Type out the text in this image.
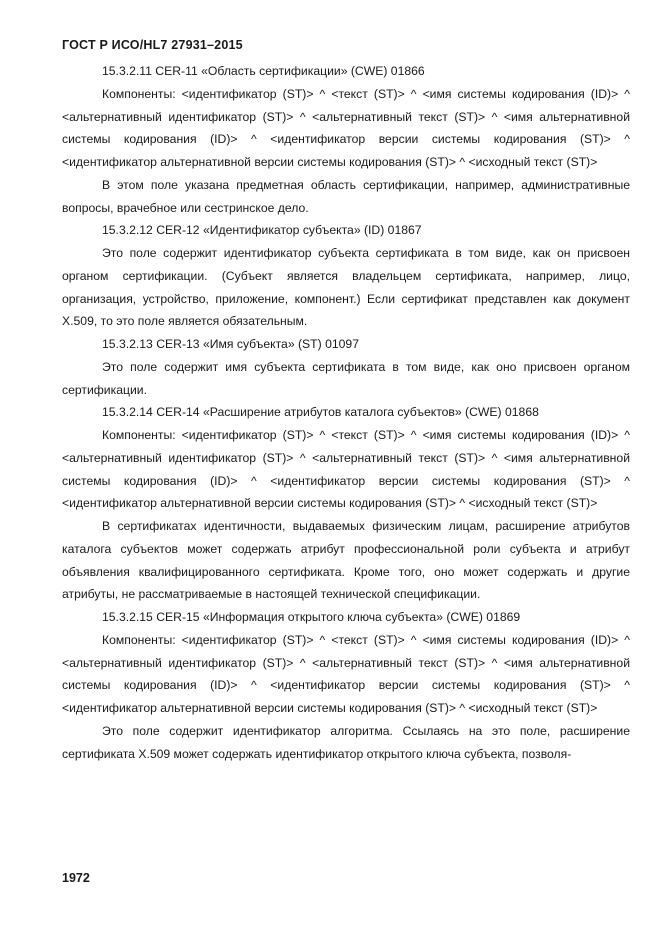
ГОСТ Р ИСО/HL7 27931–2015

15.3.2.11 CER-11 «Область сертификации» (CWE) 01866

Компоненты: <идентификатор (ST)> ^ <текст (ST)> ^ <имя системы кодирования (ID)> ^ <альтернативный идентификатор (ST)> ^ <альтернативный текст (ST)> ^ <имя альтернативной системы кодирования (ID)> ^ <идентификатор версии системы кодирования (ST)> ^ <идентификатор альтернативной версии системы кодирования (ST)> ^ <исходный текст (ST)>

В этом поле указана предметная область сертификации, например, административные вопросы, врачебное или сестринское дело.

15.3.2.12 CER-12 «Идентификатор субъекта» (ID) 01867

Это поле содержит идентификатор субъекта сертификата в том виде, как он присвоен органом сертификации. (Субъект является владельцем сертификата, например, лицо, организация, устройство, приложение, компонент.) Если сертификат представлен как документ X.509, то это поле является обязательным.

15.3.2.13 CER-13 «Имя субъекта» (ST) 01097

Это поле содержит имя субъекта сертификата в том виде, как оно присвоен органом сертификации.

15.3.2.14 CER-14 «Расширение атрибутов каталога субъектов» (CWE) 01868

Компоненты: <идентификатор (ST)> ^ <текст (ST)> ^ <имя системы кодирования (ID)> ^ <альтернативный идентификатор (ST)> ^ <альтернативный текст (ST)> ^ <имя альтернативной системы кодирования (ID)> ^ <идентификатор версии системы кодирования (ST)> ^ <идентификатор альтернативной версии системы кодирования (ST)> ^ <исходный текст (ST)>

В сертификатах идентичности, выдаваемых физическим лицам, расширение атрибутов каталога субъектов может содержать атрибут профессиональной роли субъекта и атрибут объявления квалифицированного сертификата. Кроме того, оно может содержать и другие атрибуты, не рассматриваемые в настоящей технической спецификации.

15.3.2.15 CER-15 «Информация открытого ключа субъекта» (CWE) 01869

Компоненты: <идентификатор (ST)> ^ <текст (ST)> ^ <имя системы кодирования (ID)> ^ <альтернативный идентификатор (ST)> ^ <альтернативный текст (ST)> ^ <имя альтернативной системы кодирования (ID)> ^ <идентификатор версии системы кодирования (ST)> ^ <идентификатор альтернативной версии системы кодирования (ST)> ^ <исходный текст (ST)>

Это поле содержит идентификатор алгоритма. Ссылаясь на это поле, расширение сертификата X.509 может содержать идентификатор открытого ключа субъекта, позволя-

1972
